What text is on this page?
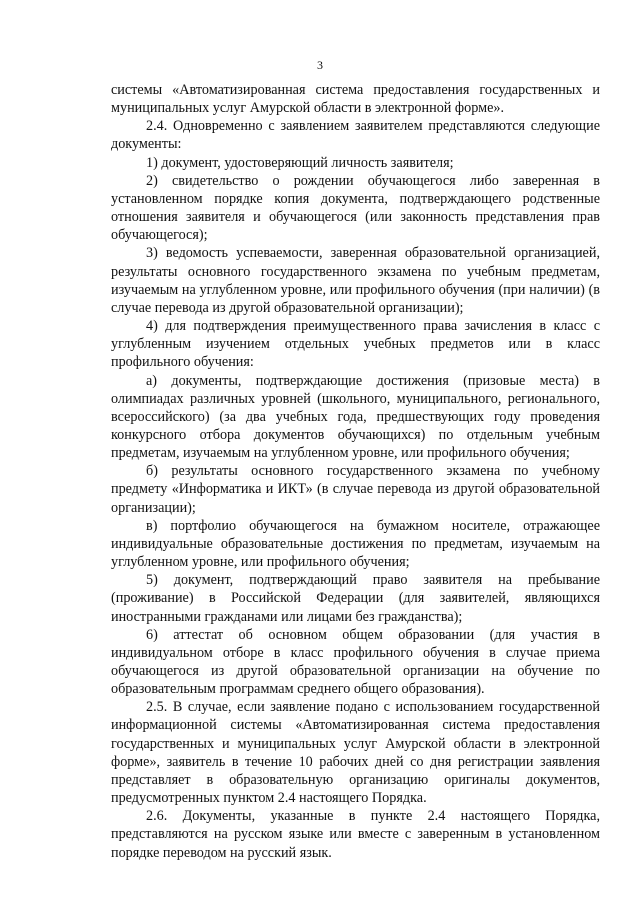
3

системы «Автоматизированная система предоставления государственных и муниципальных услуг Амурской области в электронной форме».

2.4. Одновременно с заявлением заявителем представляются следующие документы:

1) документ, удостоверяющий личность заявителя;

2) свидетельство о рождении обучающегося либо заверенная в установленном порядке копия документа, подтверждающего родственные отношения заявителя и обучающегося (или законность представления прав обучающегося);

3) ведомость успеваемости, заверенная образовательной организацией, результаты основного государственного экзамена по учебным предметам, изучаемым на углубленном уровне, или профильного обучения (при наличии) (в случае перевода из другой образовательной организации);

4) для подтверждения преимущественного права зачисления в класс с углубленным изучением отдельных учебных предметов или в класс профильного обучения:

а) документы, подтверждающие достижения (призовые места) в олимпиадах различных уровней (школьного, муниципального, регионального, всероссийского) (за два учебных года, предшествующих году проведения конкурсного отбора документов обучающихся) по отдельным учебным предметам, изучаемым на углубленном уровне, или профильного обучения;

б) результаты основного государственного экзамена по учебному предмету «Информатика и ИКТ» (в случае перевода из другой образовательной организации);

в) портфолио обучающегося на бумажном носителе, отражающее индивидуальные образовательные достижения по предметам, изучаемым на углубленном уровне, или профильного обучения;

5) документ, подтверждающий право заявителя на пребывание (проживание) в Российской Федерации (для заявителей, являющихся иностранными гражданами или лицами без гражданства);

6) аттестат об основном общем образовании (для участия в индивидуальном отборе в класс профильного обучения в случае приема обучающегося из другой образовательной организации на обучение по образовательным программам среднего общего образования).

2.5. В случае, если заявление подано с использованием государственной информационной системы «Автоматизированная система предоставления государственных и муниципальных услуг Амурской области в электронной форме», заявитель в течение 10 рабочих дней со дня регистрации заявления представляет в образовательную организацию оригиналы документов, предусмотренных пунктом 2.4 настоящего Порядка.

2.6. Документы, указанные в пункте 2.4 настоящего Порядка, представляются на русском языке или вместе с заверенным в установленном порядке переводом на русский язык.
